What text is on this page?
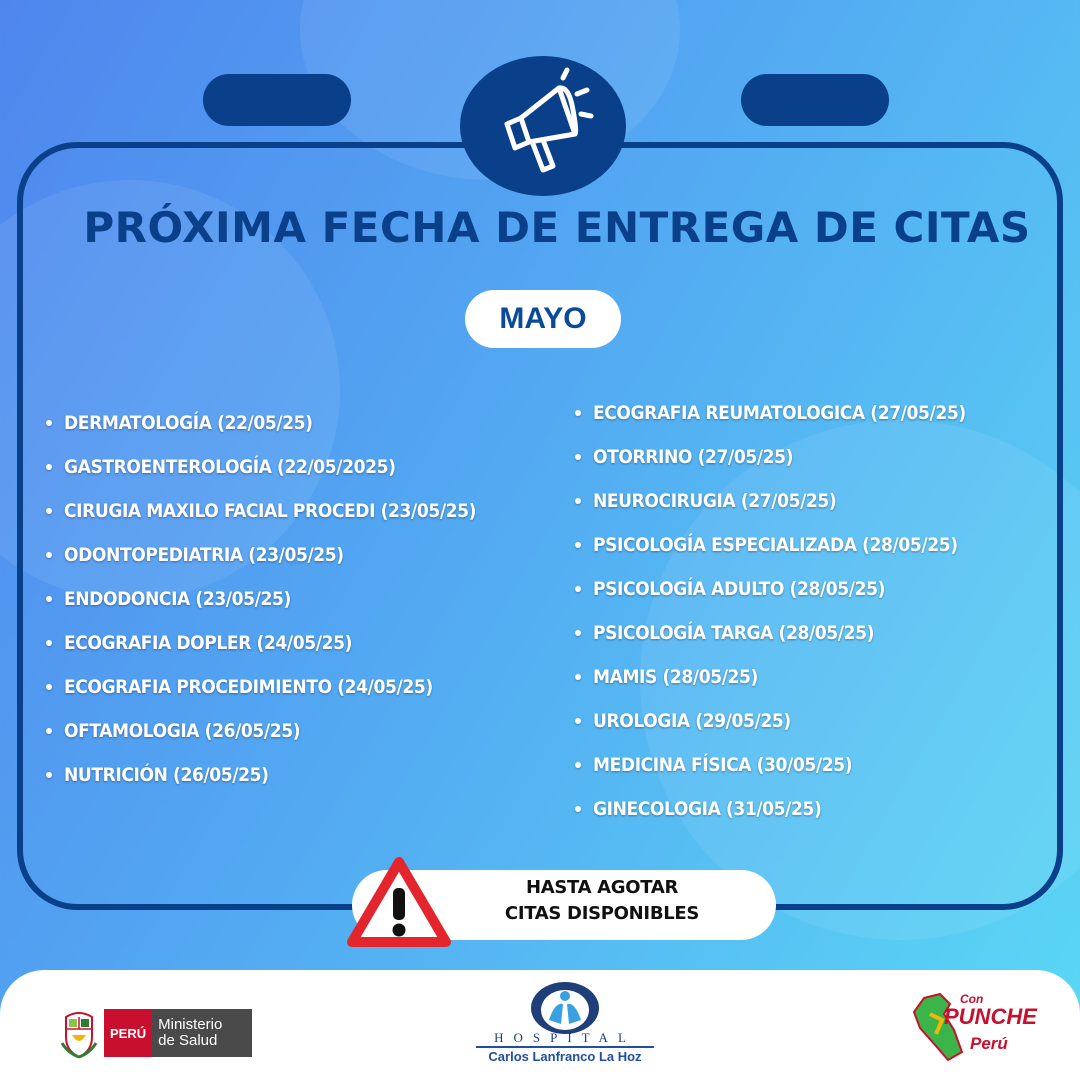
PRÓXIMA FECHA DE ENTREGA DE CITAS
MAYO
DERMATOLOGÍA (22/05/25)
GASTROENTEROLOGÍA (22/05/2025)
CIRUGIA MAXILO FACIAL PROCEDI (23/05/25)
ODONTOPEDIATRIA (23/05/25)
ENDODONCIA (23/05/25)
ECOGRAFIA DOPLER (24/05/25)
ECOGRAFIA PROCEDIMIENTO (24/05/25)
OFTAMOLOGIA (26/05/25)
NUTRICIÓN (26/05/25)
ECOGRAFIA REUMATOLOGICA (27/05/25)
OTORRINO (27/05/25)
NEUROCIRUGIA (27/05/25)
PSICOLOGÍA ESPECIALIZADA (28/05/25)
PSICOLOGÍA ADULTO (28/05/25)
PSICOLOGÍA TARGA (28/05/25)
MAMIS (28/05/25)
UROLOGIA (29/05/25)
MEDICINA FÍSICA (30/05/25)
GINECOLOGIA (31/05/25)
HASTA AGOTAR
CITAS DISPONIBLES
PERÚ Ministerio
de Salud	HOSPITAL
Carlos Lanfranco La Hoz
Con
PUNCHE
Perú
